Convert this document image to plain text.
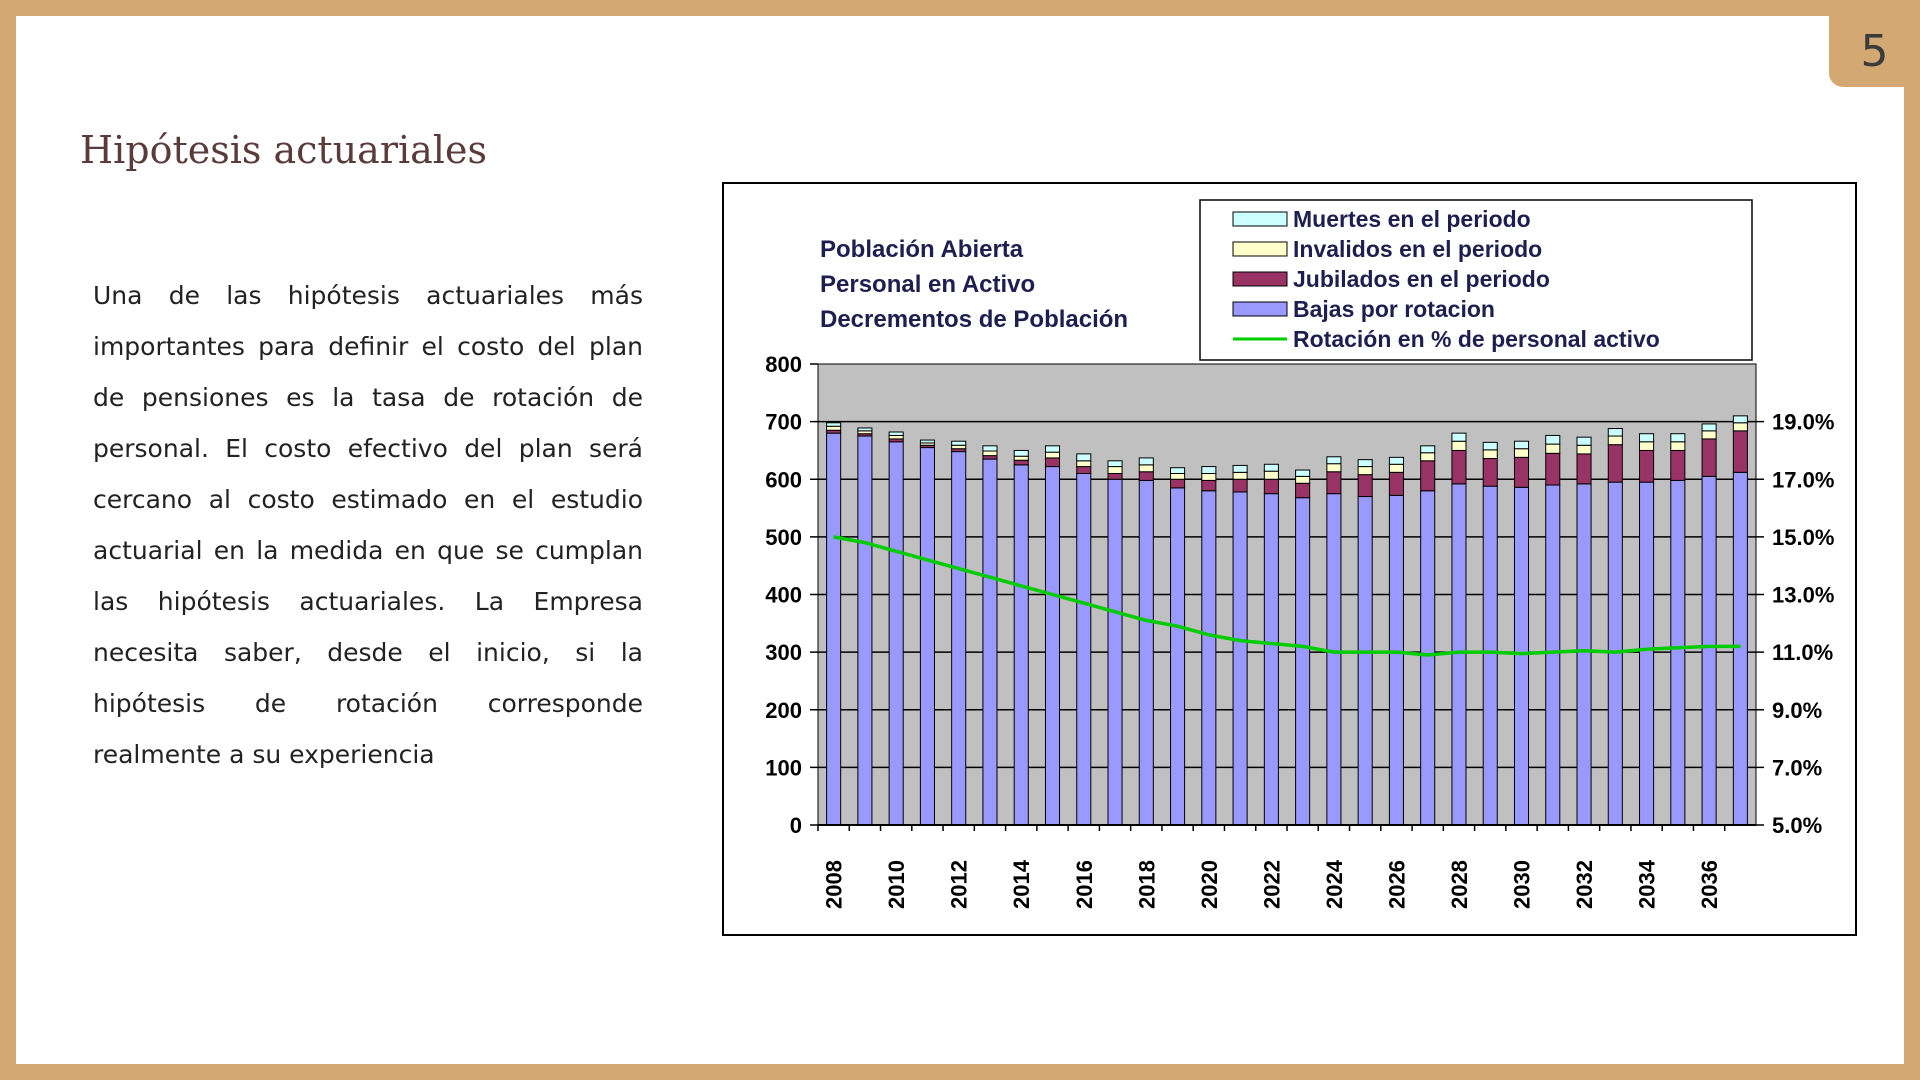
5
Hipótesis actuariales

Una de las hipótesis actuariales más importantes para definir el costo del plan de pensiones es la tasa de rotación de personal. El costo efectivo del plan será cercano al costo estimado en el estudio actuarial en la medida en que se cumplan las hipótesis actuariales. La Empresa necesita saber, desde el inicio, si la hipótesis de rotación corresponde realmente a su experiencia

0
100
200
300
400
500
600
700
800
5.0%
7.0%
9.0%
11.0%
13.0%
15.0%
17.0%
19.0%
2008 2010 2012 2014 2016 2018 2020 2022 2024 2026 2028 2030 2032 2034 2036
Población Abierta
Personal en Activo
Decrementos de Población
Muertes en el periodo
Invalidos en el periodo
Jubilados en el periodo
Bajas por rotacion
Rotación en % de personal activo
